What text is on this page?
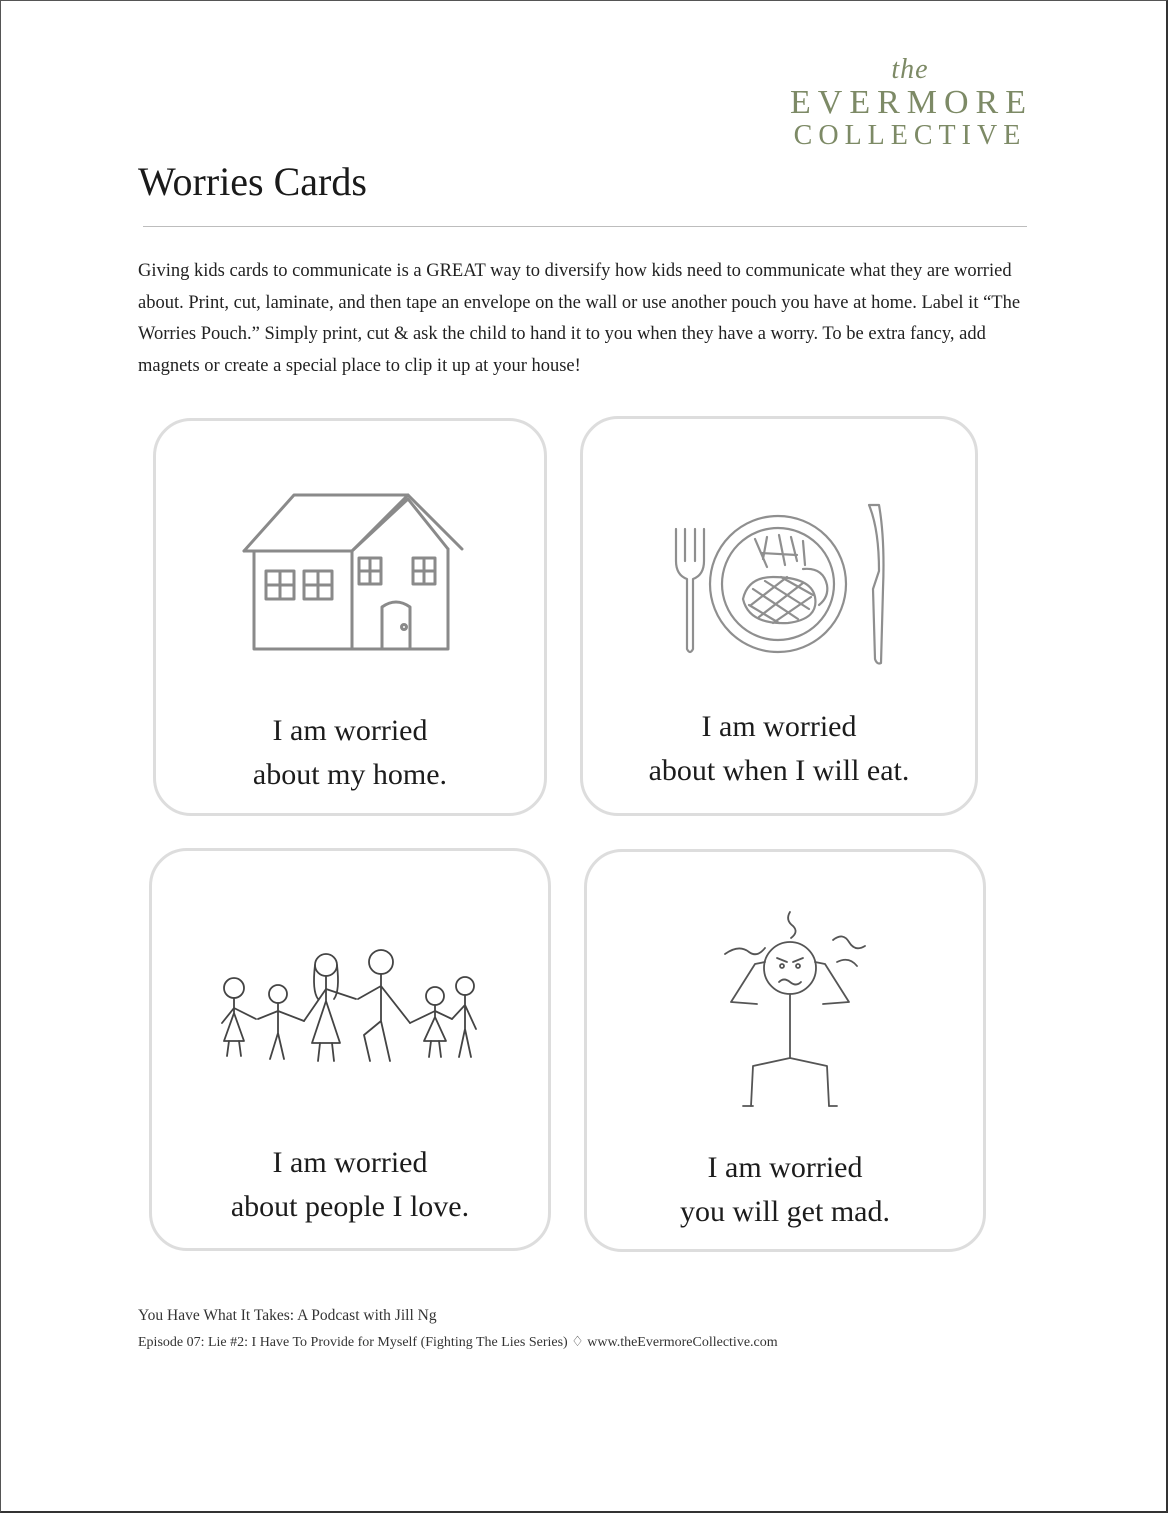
the
EVERMORE
COLLECTIVE
Worries Cards
Giving kids cards to communicate is a GREAT way to diversify how kids need to communicate what they are worried about. Print, cut, laminate, and then tape an envelope on the wall or use another pouch you have at home. Label it “The Worries Pouch.” Simply print, cut & ask the child to hand it to you when they have a worry. To be extra fancy, add magnets or create a special place to clip it up at your house!
I am worried
about my home.
I am worried
about when I will eat.
I am worried
about people I love.
I am worried
you will get mad.
You Have What It Takes: A Podcast with Jill Ng
Episode 07: Lie #2: I Have To Provide for Myself (Fighting The Lies Series) ♢ www.theEvermoreCollective.com
